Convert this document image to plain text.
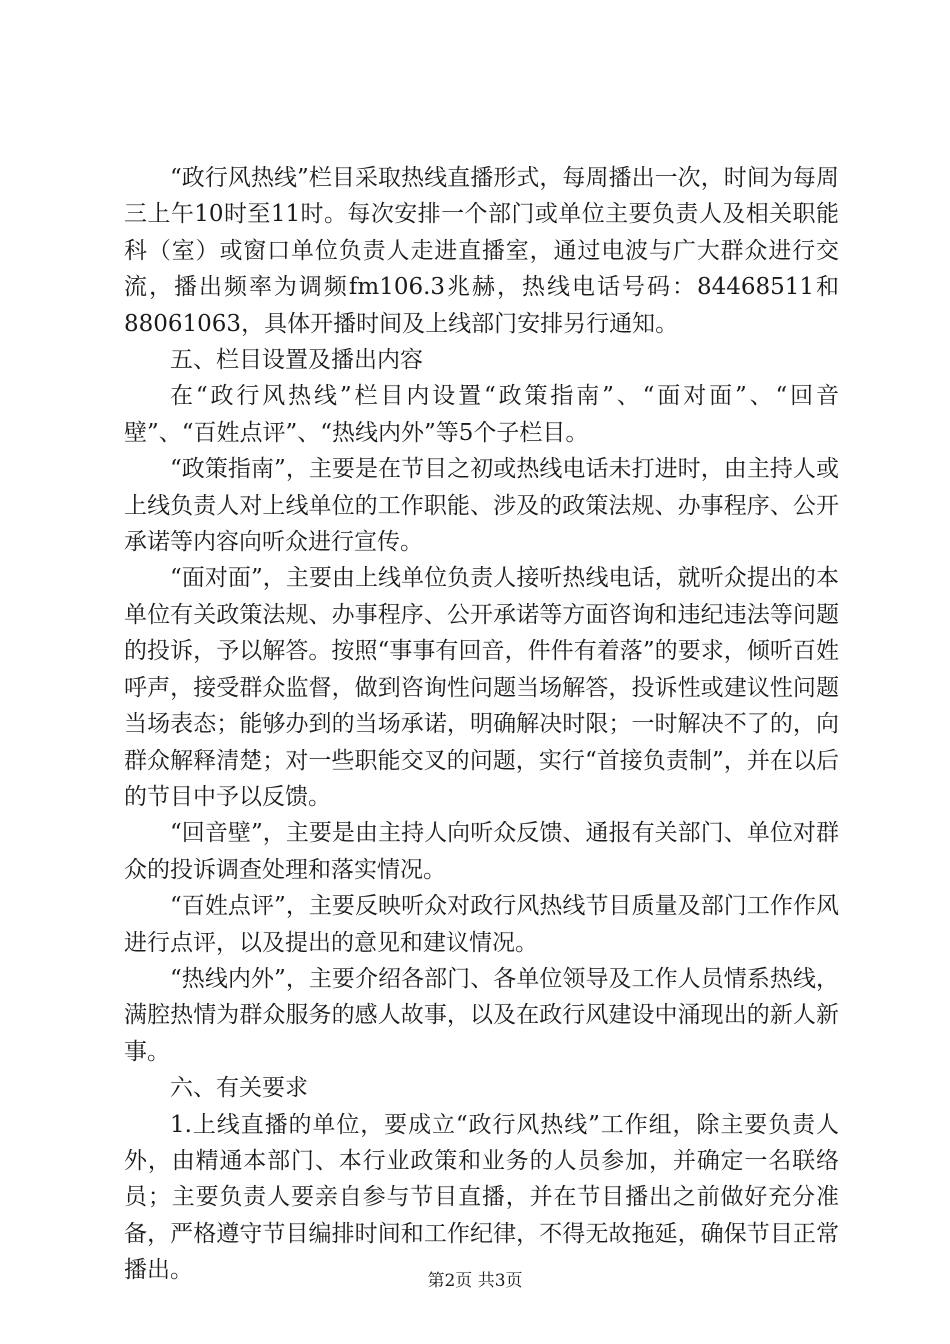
“政行风热线”栏目采取热线直播形式，每周播出一次，时间为每周三上午10时至11时。每次安排一个部门或单位主要负责人及相关职能科（室）或窗口单位负责人走进直播室，通过电波与广大群众进行交流，播出频率为调频fm106.3兆赫，热线电话号码：84468511和88061063，具体开播时间及上线部门安排另行通知。

五、栏目设置及播出内容

在“政行风热线”栏目内设置“政策指南”、“面对面”、“回音壁”、“百姓点评”、“热线内外”等5个子栏目。

“政策指南”，主要是在节目之初或热线电话未打进时，由主持人或上线负责人对上线单位的工作职能、涉及的政策法规、办事程序、公开承诺等内容向听众进行宣传。

“面对面”，主要由上线单位负责人接听热线电话，就听众提出的本单位有关政策法规、办事程序、公开承诺等方面咨询和违纪违法等问题的投诉，予以解答。按照“事事有回音，件件有着落”的要求，倾听百姓呼声，接受群众监督，做到咨询性问题当场解答，投诉性或建议性问题当场表态；能够办到的当场承诺，明确解决时限；一时解决不了的，向群众解释清楚；对一些职能交叉的问题，实行“首接负责制”，并在以后的节目中予以反馈。

“回音壁”，主要是由主持人向听众反馈、通报有关部门、单位对群众的投诉调查处理和落实情况。

“百姓点评”，主要反映听众对政行风热线节目质量及部门工作作风进行点评，以及提出的意见和建议情况。

“热线内外”，主要介绍各部门、各单位领导及工作人员情系热线，满腔热情为群众服务的感人故事，以及在政行风建设中涌现出的新人新事。

六、有关要求

1.上线直播的单位，要成立“政行风热线”工作组，除主要负责人外，由精通本部门、本行业政策和业务的人员参加，并确定一名联络员；主要负责人要亲自参与节目直播，并在节目播出之前做好充分准备，严格遵守节目编排时间和工作纪律，不得无故拖延，确保节目正常播出。	第2页 共3页
